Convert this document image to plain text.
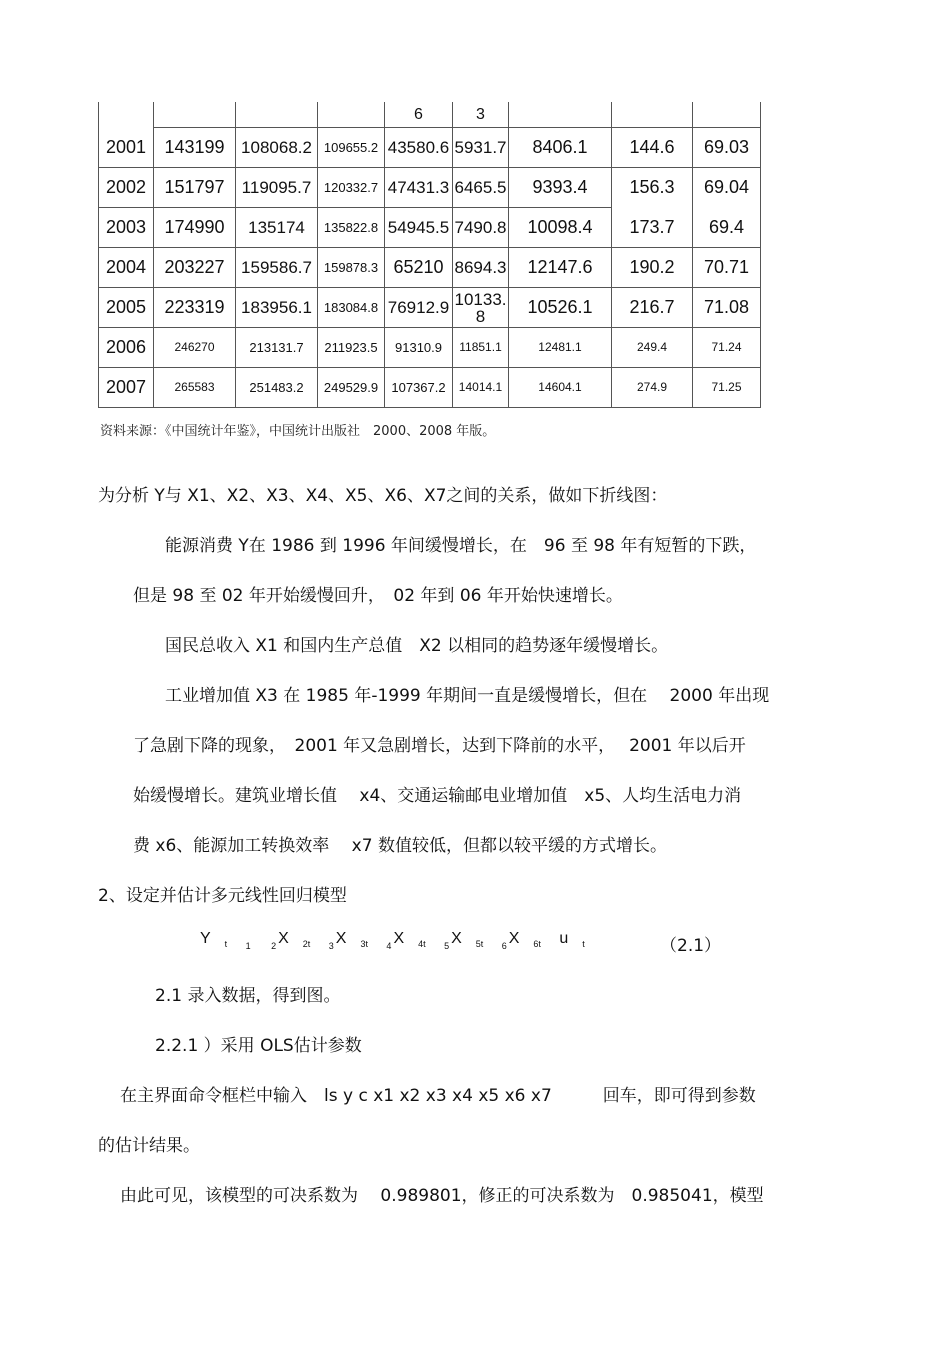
				6	3			
2001	143199	108068.2	109655.2	43580.6	5931.7	8406.1	144.6	69.03
2002	151797	119095.7	120332.7	47431.3	6465.5	9393.4	156.3	69.04
2003	174990	135174	135822.8	54945.5	7490.8	10098.4	173.7	69.4
2004	203227	159586.7	159878.3	65210	8694.3	12147.6	190.2	70.71
2005	223319	183956.1	183084.8	76912.9	10133.8	10526.1	216.7	71.08
2006	246270	213131.7	211923.5	91310.9	11851.1	12481.1	249.4	71.24
2007	265583	251483.2	249529.9	107367.2	14014.1	14604.1	274.9	71.25
资料来源：《中国统计年鉴》，中国统计出版社　2000、2008 年版。
为分析 Y与 X1、X2、X3、X4、X5、X6、X7之间的关系，做如下折线图：
能源消费 Y在 1986 到 1996 年间缓慢增长，在　96 至 98 年有短暂的下跌，
但是 98 至 02 年开始缓慢回升，　02 年到 06 年开始快速增长。
国民总收入 X1 和国内生产总值　X2 以相同的趋势逐年缓慢增长。
工业增加值 X3 在 1985 年-1999 年期间一直是缓慢增长，但在　 2000 年出现
了急剧下降的现象，　2001 年又急剧增长，达到下降前的水平，　 2001 年以后开
始缓慢增长。建筑业增长值　 x4、交通运输邮电业增加值　x5、人均生活电力消
费 x6、能源加工转换效率　 x7 数值较低，但都以较平缓的方式增长。
2、设定并估计多元线性回归模型
Y $_t$ $_1$ $_2$ X $_{2t}$ $_3$ X $_{3t}$ $_4$ X $_{4t}$ $_5$ X $_{5t}$ $_6$ X $_{6t}$ u $_t$	（2.1）
2.1 录入数据，得到图。
2.2.1 ）采用 OLS估计参数
在主界面命令框栏中输入　ls y c x1 x2 x3 x4 x5 x6 x7　　　回车，即可得到参数
的估计结果。
由此可见，该模型的可决系数为　 0.989801，修正的可决系数为　0.985041，模型
